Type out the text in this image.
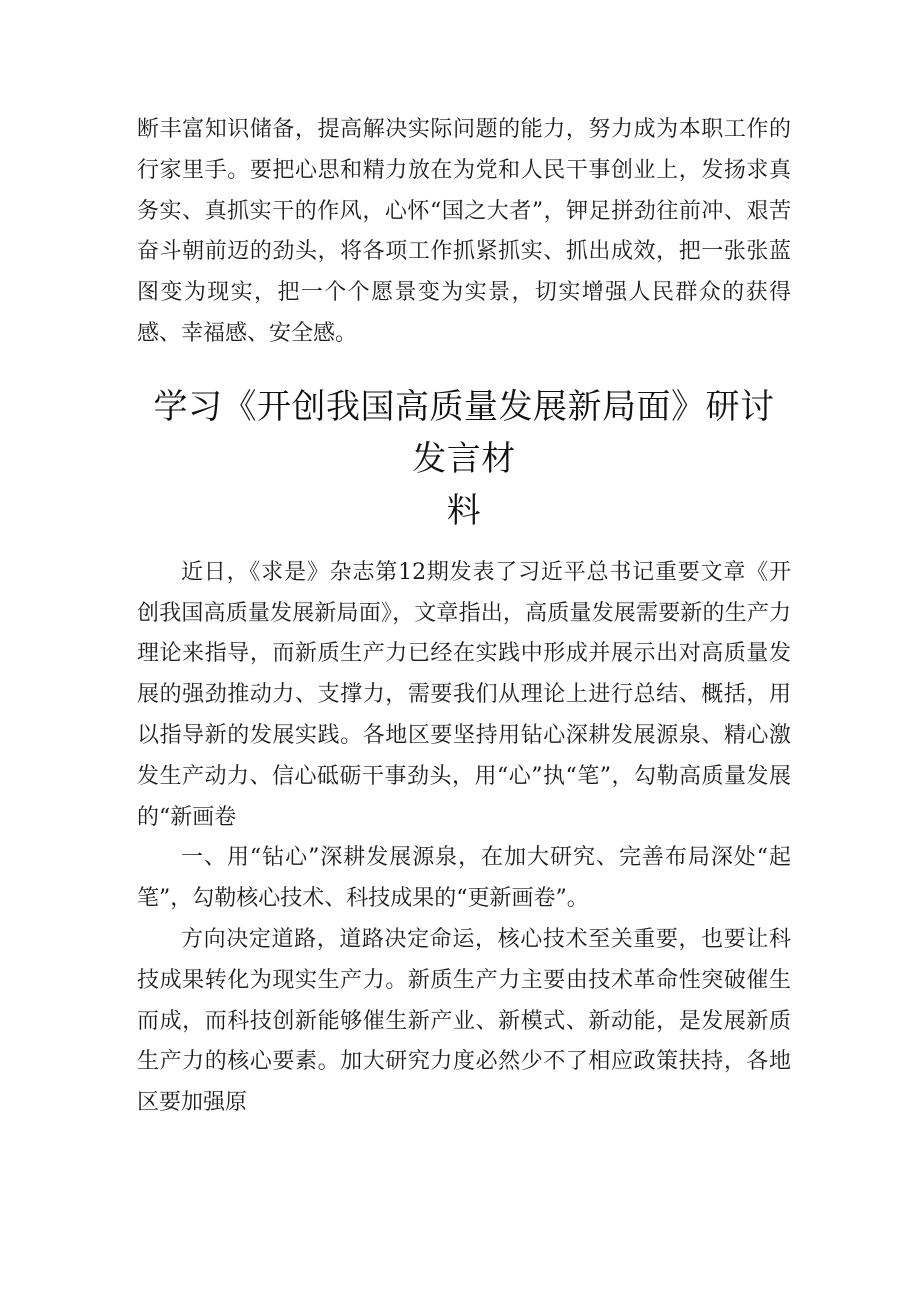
断丰富知识储备，提高解决实际问题的能力，努力成为本职工作的行家里手。要把心思和精力放在为党和人民干事创业上，发扬求真务实、真抓实干的作风，心怀“国之大者”，钾足拼劲往前冲、艰苦奋斗朝前迈的劲头，将各项工作抓紧抓实、抓出成效，把一张张蓝图变为现实，把一个个愿景变为实景，切实增强人民群众的获得感、幸福感、安全感。

学习《开创我国高质量发展新局面》研讨发言材
料

近日，《求是》杂志第12期发表了习近平总书记重要文章《开创我国高质量发展新局面》，文章指出，高质量发展需要新的生产力理论来指导，而新质生产力已经在实践中形成并展示出对高质量发展的强劲推动力、支撑力，需要我们从理论上进行总结、概括，用以指导新的发展实践。各地区要坚持用钻心深耕发展源泉、精心激发生产动力、信心砥砺干事劲头，用“心”执“笔”，勾勒高质量发展的“新画卷

一、用“钻心”深耕发展源泉，在加大研究、完善布局深处“起笔”，勾勒核心技术、科技成果的“更新画卷”。

方向决定道路，道路决定命运，核心技术至关重要，也要让科技成果转化为现实生产力。新质生产力主要由技术革命性突破催生而成，而科技创新能够催生新产业、新模式、新动能，是发展新质生产力的核心要素。加大研究力度必然少不了相应政策扶持，各地区要加强原
